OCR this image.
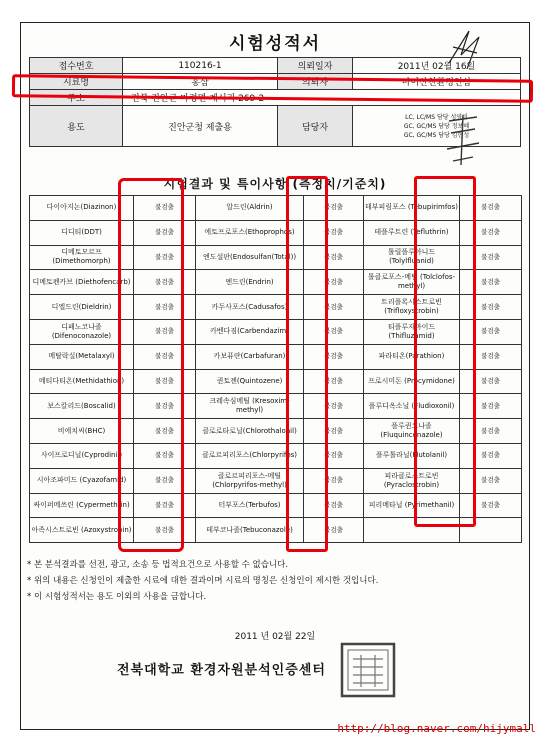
시험성적서
접수번호	110216-1	의뢰일자	2011년 02월 16일
시료명	홍삼	의뢰자	마이산친환경인삼
주소	전북 진안군 마령면 계서리 269-2		
용도	진안군청 제출용	담당자	LC, LC/MS 담당 성영미
GC, GC/MS 담당 정보혜
GC, GC/MS 담당 김현성
시험결과 및 특이사항 (측정치/기준치)
다이아지논(Diazinon)	불검출	알드린(Aldrin)	불검출	테부피림포스 (Tebupirimfos)	불검출
디디티(DDT)	불검출	에토프로포스(Ethoprophos)	불검출	테플루트린 (Tefluthrin)	불검출
디메토모르프 (Dimethomorph)	불검출	엔도설판(Endosulfan(Total))	불검출	톨릴플루아니드 (Tolylfluanid)	불검출
디메토펜카브 (Diethofencarb)	불검출	엔드린(Endrin)	불검출	톨클로포스-메틸 (Tolclofos-methyl)	불검출
디엘드린(Dieldrin)	불검출	카두사포스(Cadusafos)	불검출	트리플록시스트로빈 (Trifloxystrobin)	불검출
디페노코나졸 (Difenoconazole)	불검출	카벤다짐(Carbendazim)	불검출	티플루자마이드 (Thifluzamid)	불검출
메탈락실(Metalaxyl)	불검출	카보퓨란(Carbafuran)	불검출	파라티온(Parathion)	불검출
메티다티온(Methidathion)	불검출	퀸토젠(Quintozene)	불검출	프로시미돈 (Procymidone)	불검출
보스칼리드(Boscalid)	불검출	크레속심메틸 (Kresoxim-methyl)	불검출	플루디옥소닐 (Fludioxonil)	불검출
비에치씨(BHC)	불검출	클로로타로닐(Chlorothalonil)	불검출	플루퀸코나졸 (Fluquinconazole)	불검출
사이프로디닐(Cyprodinil)	불검출	클로르피리포스(Chlorpyrifos)	불검출	플루톨라닐(Flutolanil)	불검출
시아조파미드 (Cyazofamid)	불검출	클로르피리포스-메틸 (Chlorpyrifos-methyl)	불검출	피라클로스트로빈 (Pyraclostrobin)	불검출
싸이퍼메쓰린 (Cypermethrin)	불검출	터부포스(Terbufos)	불검출	피리메타닐 (Pyrimethanil)	불검출
아족시스트로빈 (Azoxystrobin)	불검출	테부코나졸(Tebuconazole)	불검출		
* 본 분석결과를 선전, 광고, 소송 등 법적요건으로 사용할 수 없습니다.
* 위의 내용은 신청인이 제출한 시료에 대한 결과이며 시료의 명칭은 신청인이 제시한 것입니다.
* 이 시험성적서는 용도 이외의 사용을 금합니다.
2011 년 02월 22일
전북대학교 환경자원분석인증센터
http://blog.naver.com/hijymall
